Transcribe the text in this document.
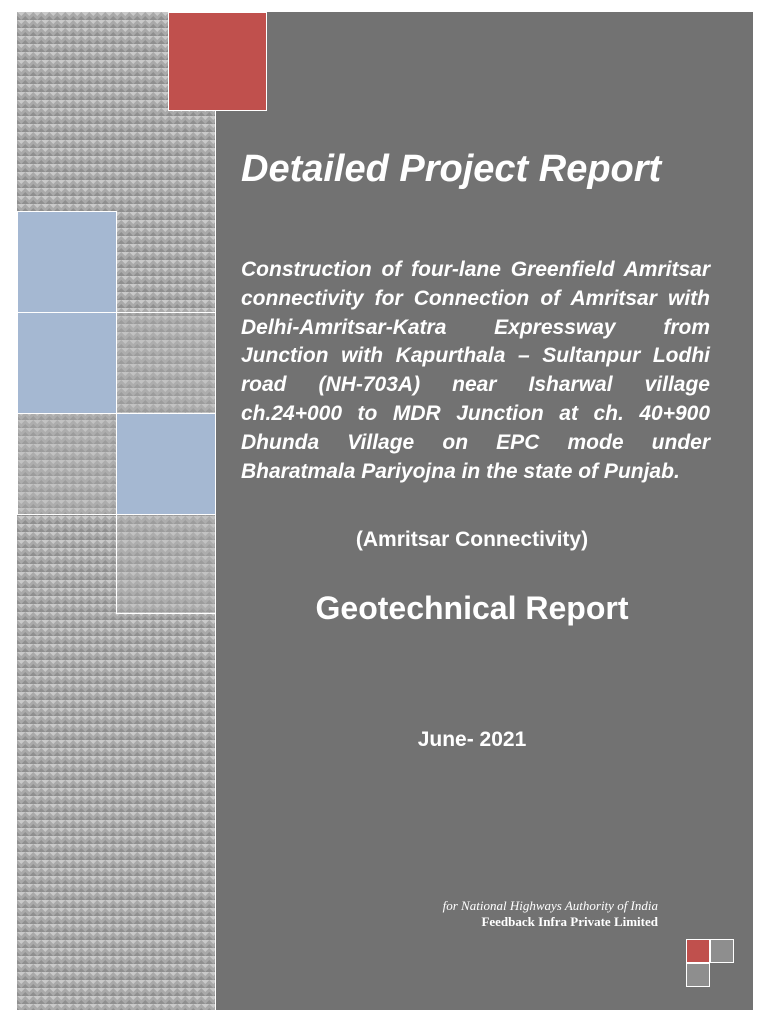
Detailed Project Report

Construction of four-lane Greenfield Amritsar connectivity for Connection of Amritsar with Delhi-Amritsar-Katra Expressway from Junction with Kapurthala – Sultanpur Lodhi road (NH-703A) near Isharwal village ch.24+000 to MDR Junction at ch. 40+900 Dhunda Village on EPC mode under Bharatmala Pariyojna in the state of Punjab.

(Amritsar Connectivity)
Geotechnical Report
June- 2021
for National Highways Authority of India
Feedback Infra Private Limited
